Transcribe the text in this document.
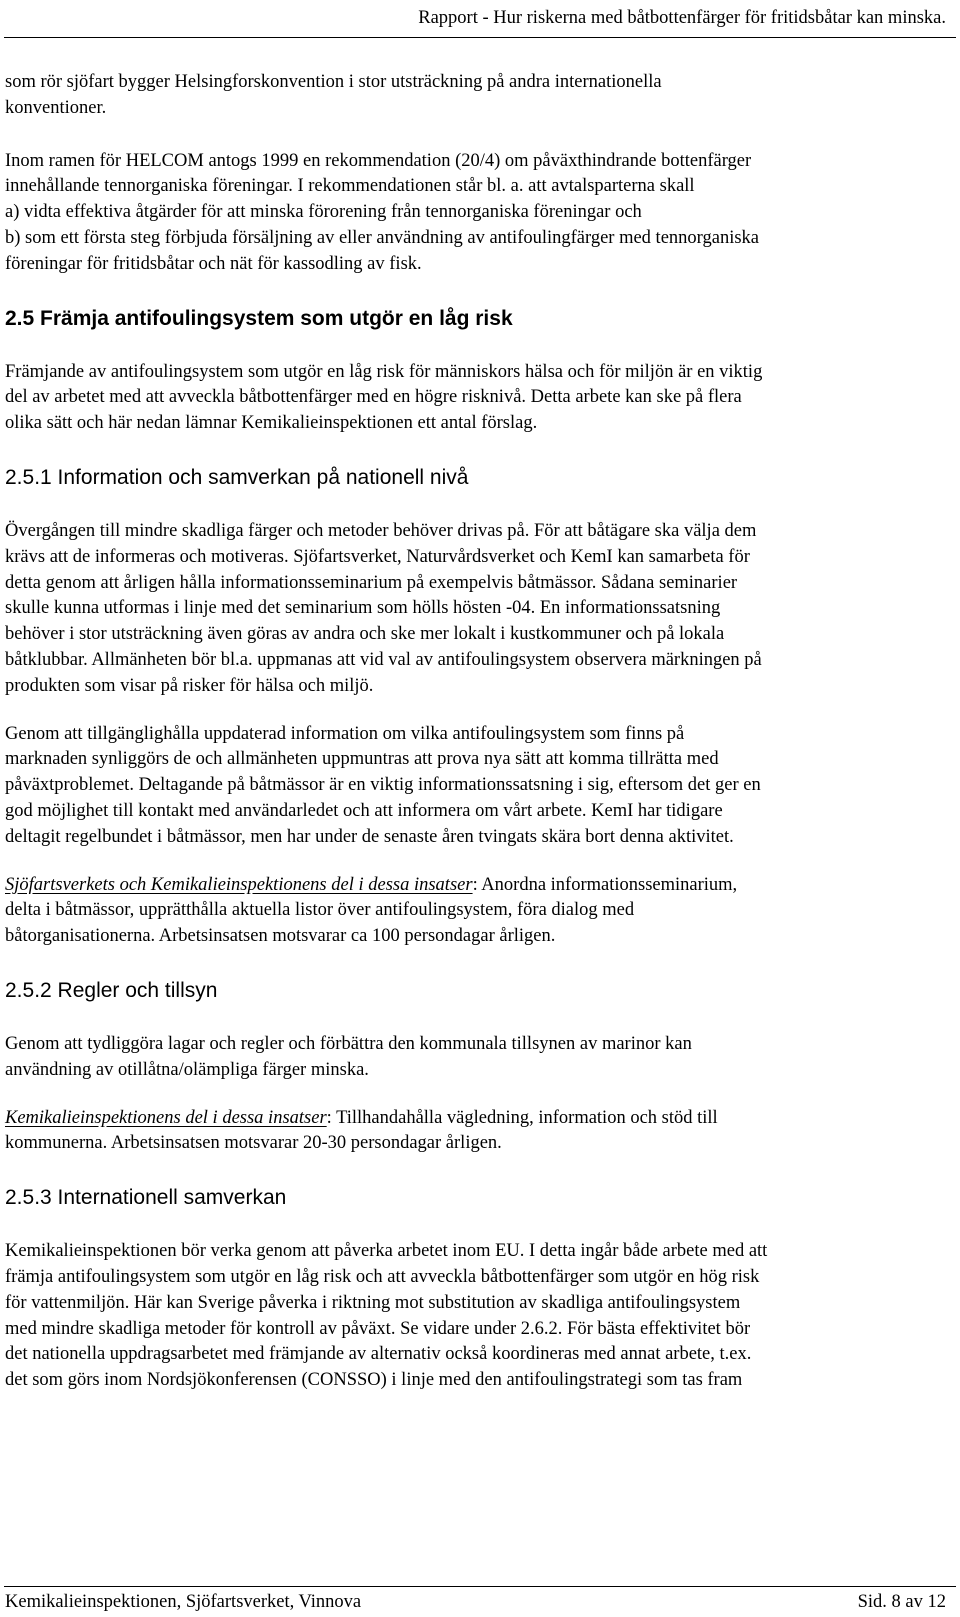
Rapport - Hur riskerna med båtbottenfärger för fritidsbåtar kan minska.

som rör sjöfart bygger Helsingforskonvention i stor utsträckning på andra internationella
konventioner.

Inom ramen för HELCOM antogs 1999 en rekommendation (20/4) om påväxthindrande bottenfärger
innehållande tennorganiska föreningar. I rekommendationen står bl. a. att avtalsparterna skall
a) vidta effektiva åtgärder för att minska förorening från tennorganiska föreningar och
b) som ett första steg förbjuda försäljning av eller användning av antifoulingfärger med tennorganiska
föreningar för fritidsbåtar och nät för kassodling av fisk.

2.5 Främja antifoulingsystem som utgör en låg risk

Främjande av antifoulingsystem som utgör en låg risk för människors hälsa och för miljön är en viktig
del av arbetet med att avveckla båtbottenfärger med en högre risknivå. Detta arbete kan ske på flera
olika sätt och här nedan lämnar Kemikalieinspektionen ett antal förslag.

2.5.1 Information och samverkan på nationell nivå

Övergången till mindre skadliga färger och metoder behöver drivas på. För att båtägare ska välja dem
krävs att de informeras och motiveras. Sjöfartsverket, Naturvårdsverket och KemI kan samarbeta för
detta genom att årligen hålla informationsseminarium på exempelvis båtmässor. Sådana seminarier
skulle kunna utformas i linje med det seminarium som hölls hösten -04. En informationssatsning
behöver i stor utsträckning även göras av andra och ske mer lokalt i kustkommuner och på lokala
båtklubbar. Allmänheten bör bl.a. uppmanas att vid val av antifoulingsystem observera märkningen på
produkten som visar på risker för hälsa och miljö.

Genom att tillgänglighålla uppdaterad information om vilka antifoulingsystem som finns på
marknaden synliggörs de och allmänheten uppmuntras att prova nya sätt att komma tillrätta med
påväxtproblemet. Deltagande på båtmässor är en viktig informationssatsning i sig, eftersom det ger en
god möjlighet till kontakt med användarledet och att informera om vårt arbete. KemI har tidigare
deltagit regelbundet i båtmässor, men har under de senaste åren tvingats skära bort denna aktivitet.

Sjöfartsverkets och Kemikalieinspektionens del i dessa insatser: Anordna informationsseminarium,
delta i båtmässor, upprätthålla aktuella listor över antifoulingsystem, föra dialog med
båtorganisationerna. Arbetsinsatsen motsvarar ca 100 persondagar årligen.

2.5.2 Regler och tillsyn

Genom att tydliggöra lagar och regler och förbättra den kommunala tillsynen av marinor kan
användning av otillåtna/olämpliga färger minska.

Kemikalieinspektionens del i dessa insatser: Tillhandahålla vägledning, information och stöd till
kommunerna. Arbetsinsatsen motsvarar 20-30 persondagar årligen.

2.5.3 Internationell samverkan

Kemikalieinspektionen bör verka genom att påverka arbetet inom EU. I detta ingår både arbete med att
främja antifoulingsystem som utgör en låg risk och att avveckla båtbottenfärger som utgör en hög risk
för vattenmiljön. Här kan Sverige påverka i riktning mot substitution av skadliga antifoulingsystem
med mindre skadliga metoder för kontroll av påväxt. Se vidare under 2.6.2. För bästa effektivitet bör
det nationella uppdragsarbetet med främjande av alternativ också koordineras med annat arbete, t.ex.
det som görs inom Nordsjökonferensen (CONSSO) i linje med den antifoulingstrategi som tas fram

Kemikalieinspektionen, Sjöfartsverket, Vinnova	Sid. 8 av 12
